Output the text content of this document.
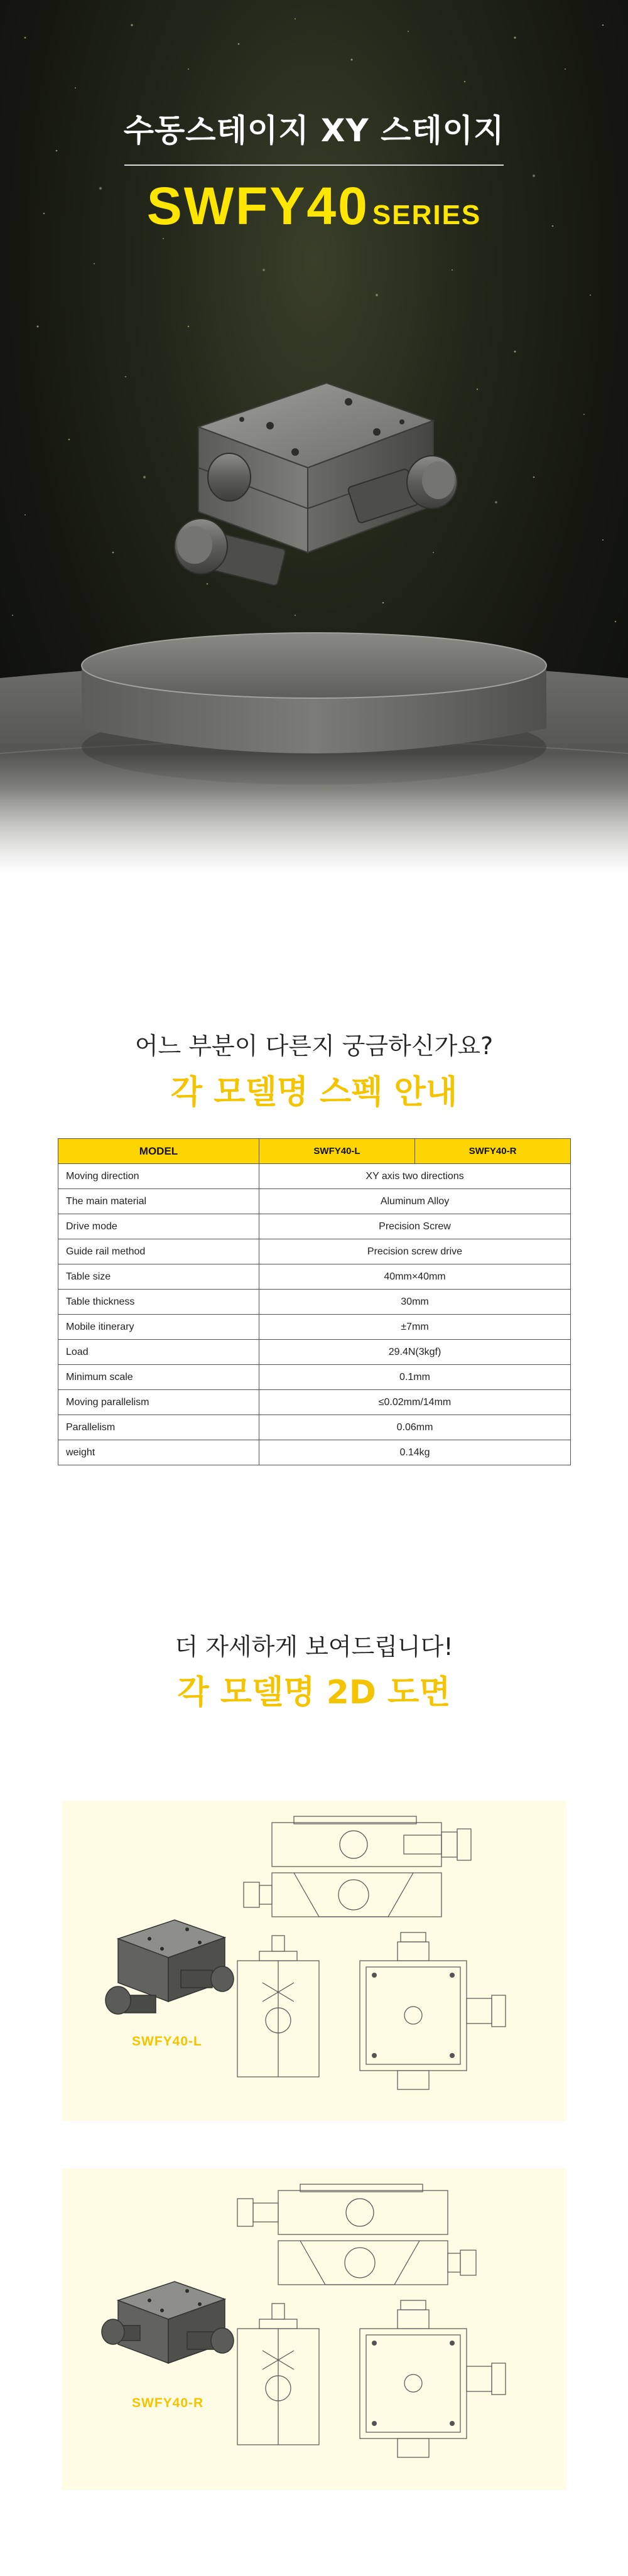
수동스테이지 XY 스테이지
SWFY40 SERIES
어느 부분이 다른지 궁금하신가요?
각 모델명 스펙 안내
MODEL	SWFY40-L	SWFY40-R
Moving direction	XY axis two directions	
The main material	Aluminum Alloy	
Drive mode	Precision Screw	
Guide rail method	Precision screw drive	
Table size	40mm×40mm	
Table thickness	30mm	
Mobile itinerary	±7mm	
Load	29.4N(3kgf)	
Minimum scale	0.1mm	
Moving parallelism	≤0.02mm/14mm	
Parallelism	0.06mm	
weight	0.14kg	
더 자세하게 보여드립니다!
각 모델명 2D 도면
SWFY40-L
SWFY40-R
